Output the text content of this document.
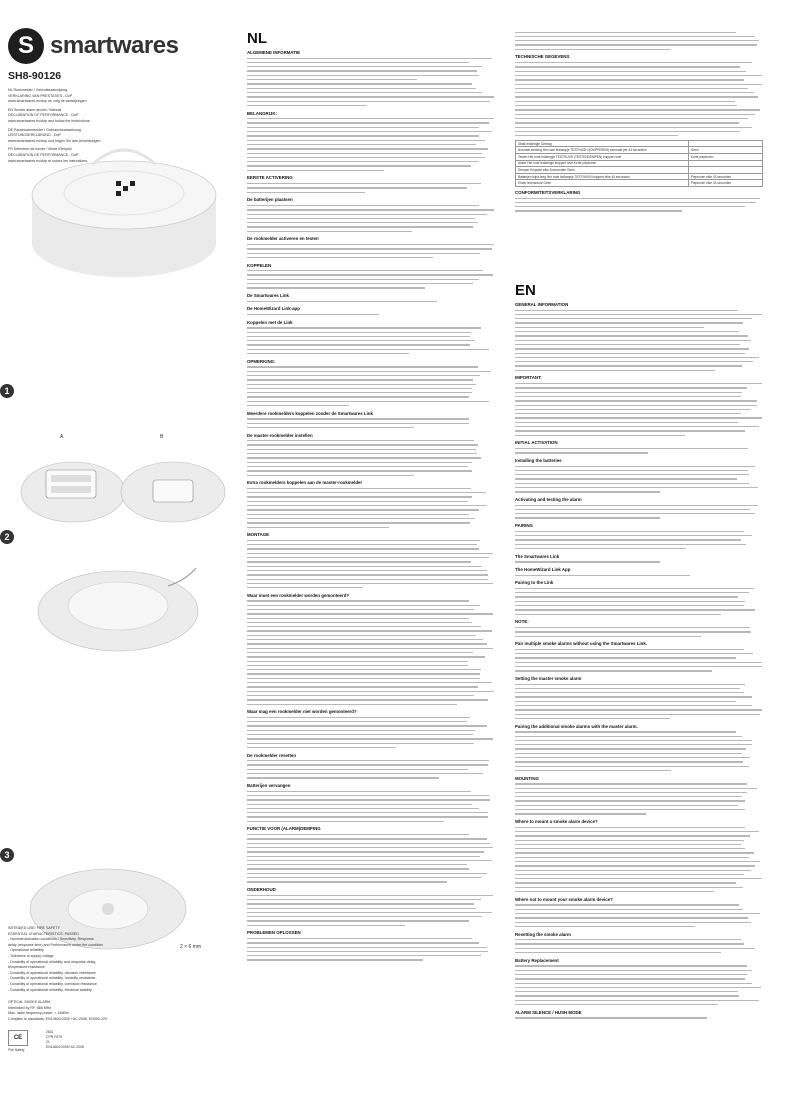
S smartwares
SH8-90126
NL Rookmelder / Gebruiksaanwijzing
VERKLARING VAN PRESTATIES - DoP
www.smartwares.eu/dop en volg de aanwijzingen.
EN Smoke alarm device / Manual
DECLARATION OF PERFORMANCE - DoP
www.smartwares.eu/dop and follow the instructions.
DE Rauchwarnmelder / Gebrauchsanweisung
LEISTUNGSERKLÄRUNG - DoP
www.smartwares.eu/dop und folgen Sie den Anweisungen.
FR Détecteur de fumée / Mode d'emploi
DÉCLARATION DE PERFORMANCE - DoP
www.smartwares.eu/dop et suivez les instructions.
1
A	B
2
3
2 × 6 mm
INTENDED USE: FIRE SAFETY
ESSENTIAL CHARACTERISTICS: PASSED
- Nominal activation conditions / Sensitivity, Response
delay (response time) and Performance under fire condition
- Operational reliability
- Tolerance to supply voltage
- Durability of operational reliability and response delay,
temperature resistance
- Durability of operational reliability, vibration resistance
- Durability of operational reliability, humidity resistance
- Durability of operational reliability, corrosion resistance
- Durability of operational reliability, electrical stability
OPTICAL SMOKE ALARM
Interlinked by RF, 868 MHz
Max. radio frequency power: < 14dBm
Complies to standards: EN14604:2005 +AC:2008, EN300-220
CE
2831
CPR-F879
21
EN14604:2005+AC:2008
Fire Safety
NL
ALGEMENE INFORMATIE
BELANGRIJK:
EERSTE ACTIVERING
De batterijen plaatsen
De rookmelder activeren en testen
KOPPELEN
De Smartwares Link
De HomeWizard Link-app
Koppelen met de Link
OPMERKING:
Meerdere rookmelders koppelen zonder de Smartwares Link
De master-rookmelder instellen
Extra rookmelders koppelen aan de master-rookmelder
MONTAGE
Waar moet een rookmelder worden gemonteerd?
Waar mag een rookmelder niet worden gemonteerd?
De rookmelder resetten
Batterijen vervangen
FUNCTIE VOOR (ALARM)DEMPING
ONDERHOUD
PROBLEMEN OPLOSSEN
TECHNISCHE GEGEVENS
Staat ledlampje Gedrag	
Normale werking Het rode ledlampje TESTHUSH (KNIPPEREN) eenmaal per 44 seconden	Geen
Testen Het rode ledlampje TESTHUSH (TESTENDEMPEN) knippert snel	Korte pieptonen
Alarm Het rode ledlampje knippert snel Korte pieptonen	
Demper Knippert elke 8 seconden Geen	
Batterijen bijna leeg Het rode ledlampje TESTHUSH knippert elke 44 seconden	Pieptonen elke 43 seconden
Einde levensduur Geen	Pieptonen elke 43 seconden
CONFORMITEITSVERKLARING
EN
GENERAL INFORMATION
IMPORTANT:
INITIAL ACTIVATION
Installing the batteries
Activating and testing the alarm
PAIRING
The Smartwares Link
The HomeWizard Link App
Pairing to the Link
NOTE:
Pair multiple smoke alarms without using the Smartwares Link.
Setting the master smoke alarm
Pairing the additional smoke alarms with the master alarm.
MOUNTING
Where to mount a smoke alarm device?
Where not to mount your smoke alarm device?
Resetting the smoke alarm
Battery Replacement
ALARM SILENCE / HUSH MODE
